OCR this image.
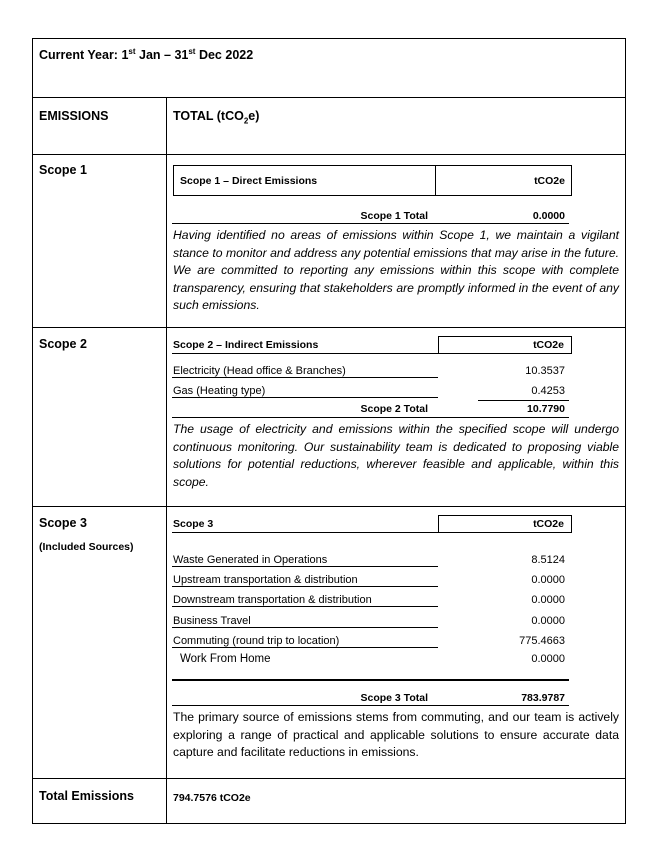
Current Year: 1st Jan – 31st Dec 2022
EMISSIONS	TOTAL (tCO$_2$e)
Scope 1
Scope 1 – Direct Emissions	tCO2e
Scope 1 Total	0.0000
Having identified no areas of emissions within Scope 1, we maintain a vigilant stance to monitor and address any potential emissions that may arise in the future. We are committed to reporting any emissions within this scope with complete transparency, ensuring that stakeholders are promptly informed in the event of any such emissions.
Scope 2	Scope 2 – Indirect Emissions	tCO2e
Electricity (Head office & Branches)	10.3537
Gas (Heating type)	0.4253
Scope 2 Total	10.7790
The usage of electricity and emissions within the specified scope will undergo continuous monitoring. Our sustainability team is dedicated to proposing viable solutions for potential reductions, wherever feasible and applicable, within this scope.
Scope 3
(Included Sources)
Scope 3	tCO2e
Waste Generated in Operations	8.5124
Upstream transportation & distribution	0.0000
Downstream transportation & distribution	0.0000
Business Travel	0.0000
Commuting (round trip to location)	775.4663
Work From Home	0.0000
Scope 3 Total	783.9787
The primary source of emissions stems from commuting, and our team is actively exploring a range of practical and applicable solutions to ensure accurate data capture and facilitate reductions in emissions.
Total Emissions	794.7576 tCO2e
